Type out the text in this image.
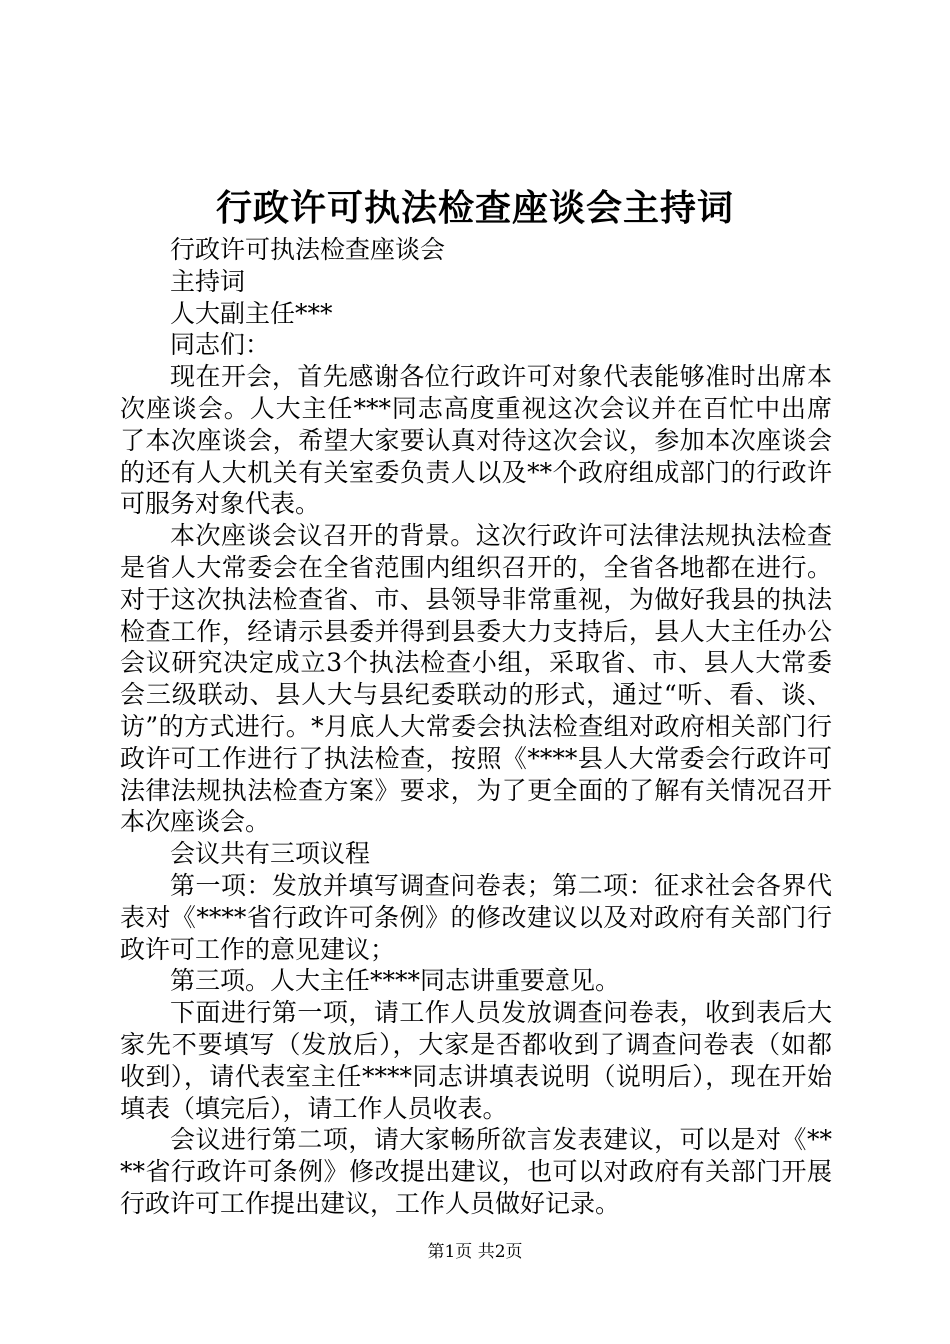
行政许可执法检查座谈会主持词

行政许可执法检查座谈会

主持词

人大副主任***

同志们：

现在开会，首先感谢各位行政许可对象代表能够准时出席本次座谈会。人大主任***同志高度重视这次会议并在百忙中出席了本次座谈会，希望大家要认真对待这次会议，参加本次座谈会的还有人大机关有关室委负责人以及**个政府组成部门的行政许可服务对象代表。

本次座谈会议召开的背景。这次行政许可法律法规执法检查是省人大常委会在全省范围内组织召开的，全省各地都在进行。对于这次执法检查省、市、县领导非常重视，为做好我县的执法检查工作，经请示县委并得到县委大力支持后，县人大主任办公会议研究决定成立3个执法检查小组，采取省、市、县人大常委会三级联动、县人大与县纪委联动的形式，通过“听、看、谈、访”的方式进行。*月底人大常委会执法检查组对政府相关部门行政许可工作进行了执法检查，按照《****县人大常委会行政许可法律法规执法检查方案》要求，为了更全面的了解有关情况召开本次座谈会。

会议共有三项议程

第一项：发放并填写调查问卷表；第二项：征求社会各界代表对《****省行政许可条例》的修改建议以及对政府有关部门行政许可工作的意见建议；

第三项。人大主任****同志讲重要意见。

下面进行第一项，请工作人员发放调查问卷表，收到表后大家先不要填写（发放后），大家是否都收到了调查问卷表（如都收到），请代表室主任****同志讲填表说明（说明后），现在开始填表（填完后），请工作人员收表。

会议进行第二项，请大家畅所欲言发表建议，可以是对《****省行政许可条例》修改提出建议，也可以对政府有关部门开展行政许可工作提出建议，工作人员做好记录。

第1页 共2页
